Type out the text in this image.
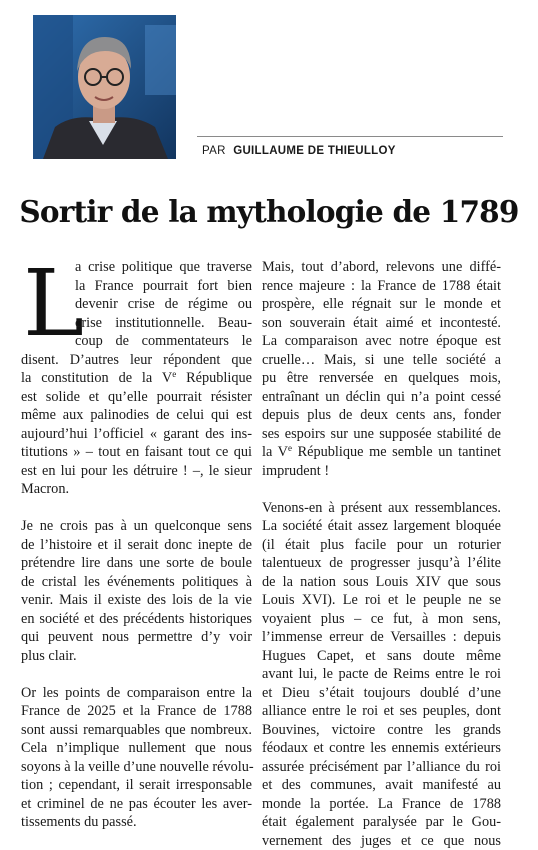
PAR GUILLAUME DE THIEULLOY
Sortir de la mythologie de 1789
L
a crise politique que traverse
la France pourrait fort bien
devenir crise de régime ou
crise institutionnelle. Beau-
coup de commentateurs le
disent. D’autres leur répondent que
la constitution de la Ve République
est solide et qu’elle pourrait résister
même aux palinodies de celui qui est
aujourd’hui l’officiel « garant des ins-
titutions » – tout en faisant tout ce qui
est en lui pour les détruire ! –, le sieur
Macron.

Je ne crois pas à un quelconque sens
de l’histoire et il serait donc inepte de
prétendre lire dans une sorte de boule
de cristal les événements politiques à
venir. Mais il existe des lois de la vie
en société et des précédents historiques
qui peuvent nous permettre d’y voir
plus clair.

Or les points de comparaison entre la
France de 2025 et la France de 1788
sont aussi remarquables que nombreux.
Cela n’implique nullement que nous
soyons à la veille d’une nouvelle révolu-
tion ; cependant, il serait irresponsable
et criminel de ne pas écouter les aver-
tissements du passé.
Mais, tout d’abord, relevons une diffé-
rence majeure : la France de 1788 était
prospère, elle régnait sur le monde et
son souverain était aimé et incontesté.
La comparaison avec notre époque est
cruelle… Mais, si une telle société a
pu être renversée en quelques mois,
entraînant un déclin qui n’a point cessé
depuis plus de deux cents ans, fonder
ses espoirs sur une supposée stabilité de
la Ve République me semble un tantinet
imprudent !

Venons-en à présent aux ressemblances.
La société était assez largement bloquée
(il était plus facile pour un roturier
talentueux de progresser jusqu’à l’élite
de la nation sous Louis XIV que sous
Louis XVI). Le roi et le peuple ne se
voyaient plus – ce fut, à mon sens,
l’immense erreur de Versailles : depuis
Hugues Capet, et sans doute même
avant lui, le pacte de Reims entre le roi
et Dieu s’était toujours doublé d’une
alliance entre le roi et ses peuples, dont
Bouvines, victoire contre les grands
féodaux et contre les ennemis extérieurs
assurée précisément par l’alliance du roi
et des communes, avait manifesté au
monde la portée. La France de 1788
était également paralysée par le Gou-
vernement des juges et ce que nous
